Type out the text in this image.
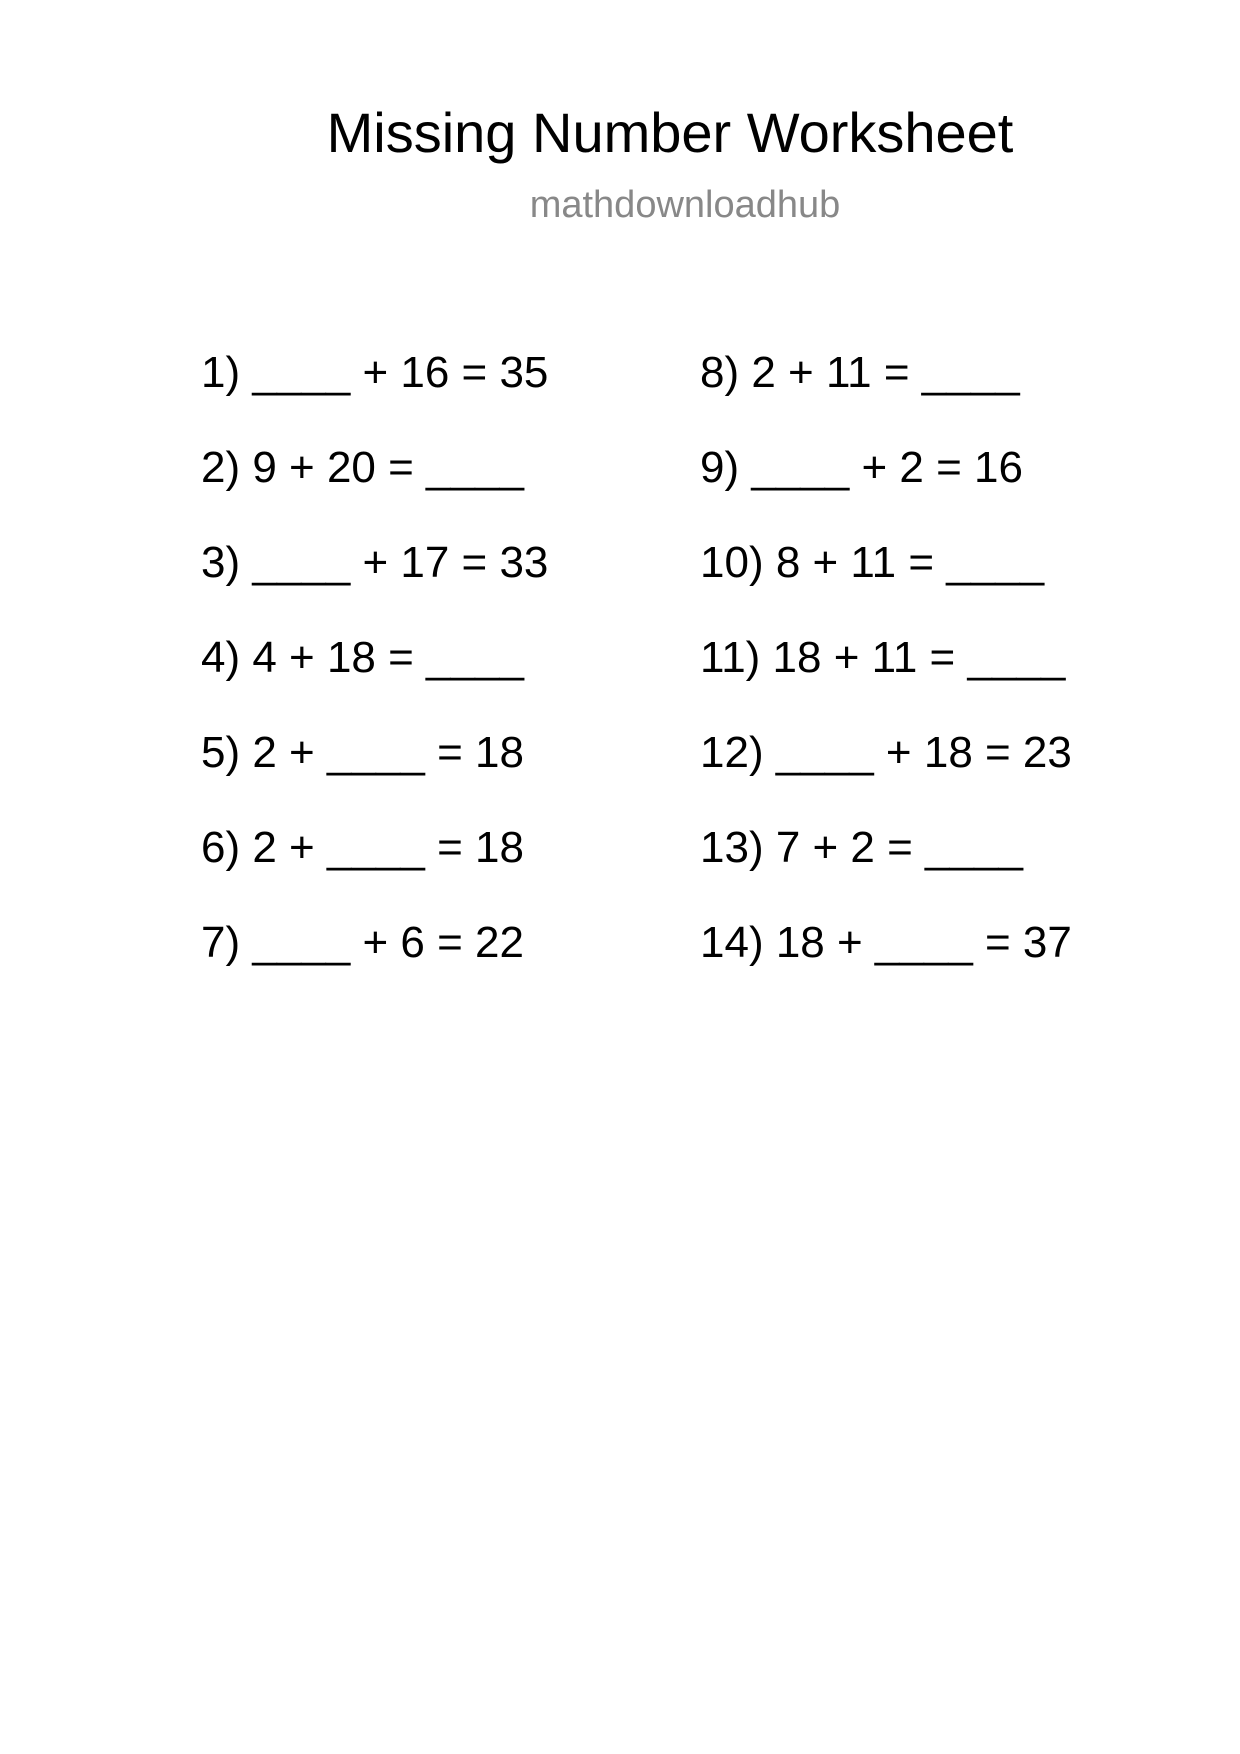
Missing Number Worksheet
mathdownloadhub
1) ____ + 16 = 35
2) 9 + 20 = ____
3) ____ + 17 = 33
4) 4 + 18 = ____
5) 2 + ____ = 18
6) 2 + ____ = 18
7) ____ + 6 = 22
8) 2 + 11 = ____
9) ____ + 2 = 16
10) 8 + 11 = ____
11) 18 + 11 = ____
12) ____ + 18 = 23
13) 7 + 2 = ____
14) 18 + ____ = 37
